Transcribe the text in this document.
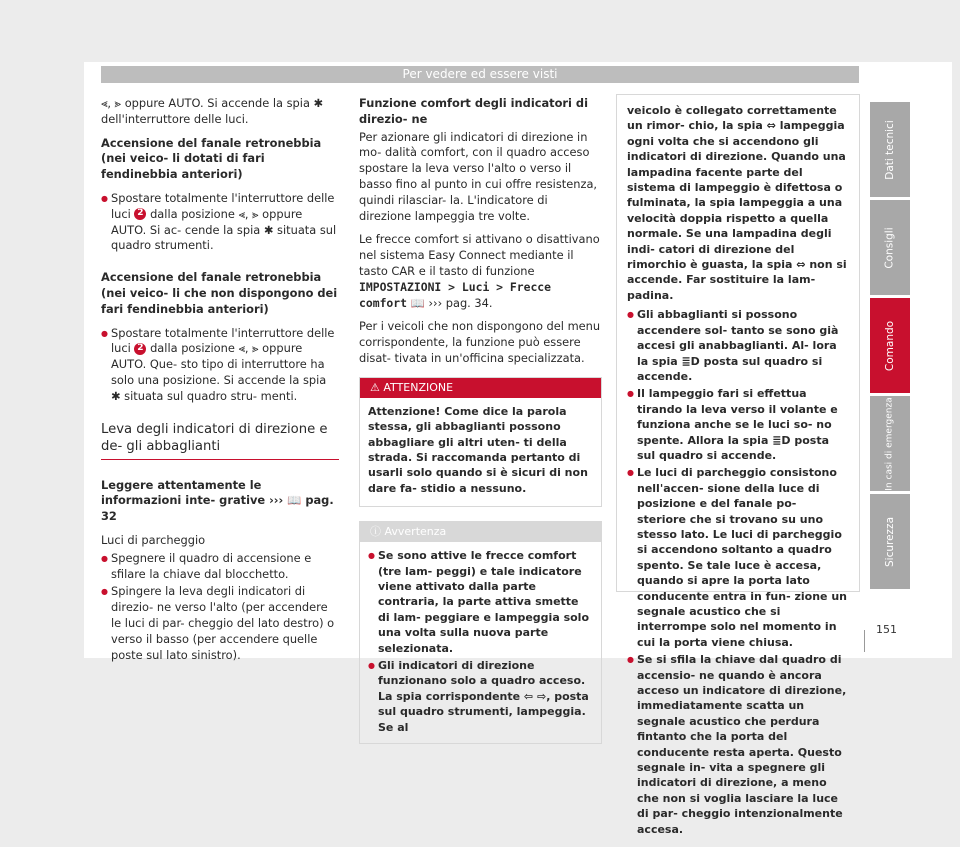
Per vedere ed essere visti

⪡, ⪢ oppure AUTO. Si accende la spia ✱ dell'interruttore delle luci.

Accensione del fanale retronebbia (nei veico- li dotati di fari fendinebbia anteriori)

● Spostare totalmente l'interruttore delle luci 2 dalla posizione ⪡, ⪢ oppure AUTO. Si ac- cende la spia ✱ situata sul quadro strumenti.

Accensione del fanale retronebbia (nei veico- li che non dispongono dei fari fendinebbia anteriori)

● Spostare totalmente l'interruttore delle luci 2 dalla posizione ⪡, ⪢ oppure AUTO. Que- sto tipo di interruttore ha solo una posizione. Si accende la spia ✱ situata sul quadro stru- menti.

Leva degli indicatori di direzione e de- gli abbaglianti

Leggere attentamente le informazioni inte- grative ››› 📖 pag. 32

Luci di parcheggio

● Spegnere il quadro di accensione e sfilare la chiave dal blocchetto.

● Spingere la leva degli indicatori di direzio- ne verso l'alto (per accendere le luci di par- cheggio del lato destro) o verso il basso (per accendere quelle poste sul lato sinistro).

Funzione comfort degli indicatori di direzio- ne

Per azionare gli indicatori di direzione in mo- dalità comfort, con il quadro acceso spostare la leva verso l'alto o verso il basso fino al punto in cui offre resistenza, quindi rilasciar- la. L'indicatore di direzione lampeggia tre volte.

Le frecce comfort si attivano o disattivano nel sistema Easy Connect mediante il tasto CAR e il tasto di funzione IMPOSTAZIONI > Luci > Frecce comfort 📖 ››› pag. 34.

Per i veicoli che non dispongono del menu corrispondente, la funzione può essere disat- tivata in un'officina specializzata.

⚠ ATTENZIONE

Attenzione! Come dice la parola stessa, gli abbaglianti possono abbagliare gli altri uten- ti della strada. Si raccomanda pertanto di usarli solo quando si è sicuri di non dare fa- stidio a nessuno.

ⓘ Avvertenza

● Se sono attive le frecce comfort (tre lam- peggi) e tale indicatore viene attivato dalla parte contraria, la parte attiva smette di lam- peggiare e lampeggia solo una volta sulla nuova parte selezionata.

● Gli indicatori di direzione funzionano solo a quadro acceso. La spia corrispondente ⇦ ⇨, posta sul quadro strumenti, lampeggia. Se al

veicolo è collegato correttamente un rimor- chio, la spia ⇔ lampeggia ogni volta che si accendono gli indicatori di direzione. Quando una lampadina facente parte del sistema di lampeggio è difettosa o fulminata, la spia lampeggia a una velocità doppia rispetto a quella normale. Se una lampadina degli indi- catori di direzione del rimorchio è guasta, la spia ⇔ non si accende. Far sostituire la lam- padina.

● Gli abbaglianti si possono accendere sol- tanto se sono già accesi gli anabbaglianti. Al- lora la spia ≣D posta sul quadro si accende.

● Il lampeggio fari si effettua tirando la leva verso il volante e funziona anche se le luci so- no spente. Allora la spia ≣D posta sul quadro si accende.

● Le luci di parcheggio consistono nell'accen- sione della luce di posizione e del fanale po- steriore che si trovano su uno stesso lato. Le luci di parcheggio si accendono soltanto a quadro spento. Se tale luce è accesa, quando si apre la porta lato conducente entra in fun- zione un segnale acustico che si interrompe solo nel momento in cui la porta viene chiusa.

● Se si sfila la chiave dal quadro di accensio- ne quando è ancora acceso un indicatore di direzione, immediatamente scatta un segnale acustico che perdura fintanto che la porta del conducente resta aperta. Questo segnale in- vita a spegnere gli indicatori di direzione, a meno che non si voglia lasciare la luce di par- cheggio intenzionalmente accesa.

Dati tecnici
Consigli
Comando
In casi di emergenza
Sicurezza
151
